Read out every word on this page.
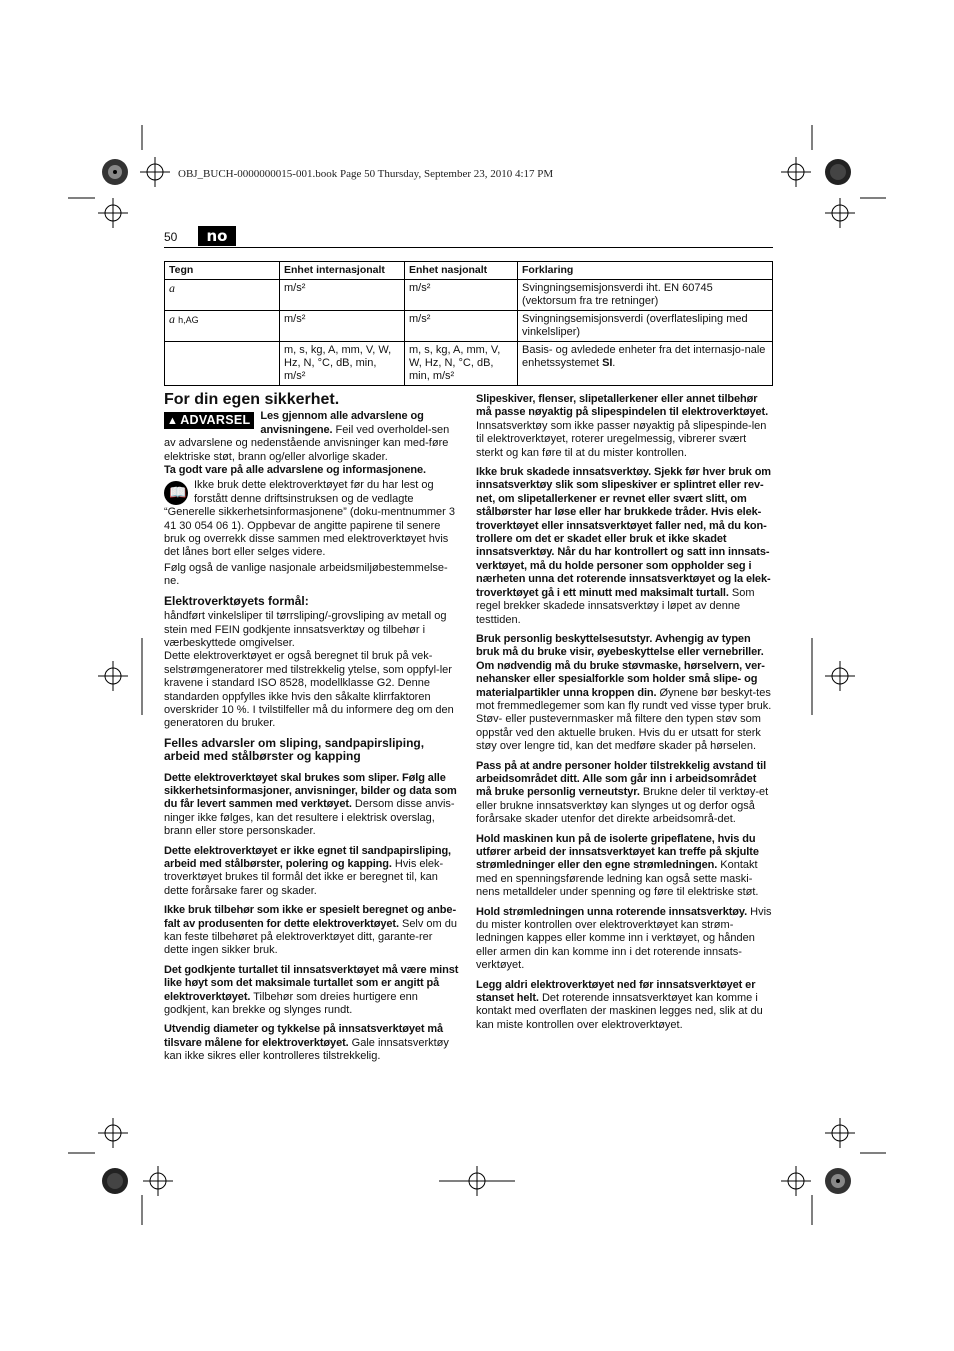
OBJ_BUCH-0000000015-001.book Page 50 Thursday, September 23, 2010 4:17 PM
50	no
Tegn	Enhet internasjonalt	Enhet nasjonalt	Forklaring
a	m/s²	m/s²	Svingningsemisjonsverdi iht. EN 60745 (vektorsum fra tre retninger)
a h,AG	m/s²	m/s²	Svingningsemisjonsverdi (overflatesliping med vinkelsliper)
	m, s, kg, A, mm, V, W, Hz, N, °C, dB, min, m/s²	m, s, kg, A, mm, V, W, Hz, N, °C, dB, min, m/s²	Basis- og avledede enheter fra det internasjo-nale enhetssystemet SI.
For din egen sikkerhet.

▲ ADVARSEL Les gjennom alle advarslene og anvisningene. Feil ved overholdel-sen av advarslene og nedenstående anvisninger kan med-føre elektriske støt, brann og/eller alvorlige skader.
Ta godt vare på alle advarslene og informasjonene.

📖 Ikke bruk dette elektroverktøyet før du har lest og forstått denne driftsinstruksen og de vedlagte “Generelle sikkerhetsinformasjonene” (doku-mentnummer 3 41 30 054 06 1). Oppbevar de angitte papirene til senere bruk og overrekk disse sammen med elektroverktøyet hvis det lånes bort eller selges videre.

Følg også de vanlige nasjonale arbeidsmiljøbestemmelse-ne.

Elektroverktøyets formål:

håndført vinkelsliper til tørrsliping/-grovsliping av metall og stein med FEIN godkjente innsatsverktøy og tilbehør i værbeskyttede omgivelser.

Dette elektroverktøyet er også beregnet til bruk på vek-selstrømgeneratorer med tilstrekkelig ytelse, som oppfyl-ler kravene i standard ISO 8528, modellklasse G2. Denne standarden oppfylles ikke hvis den såkalte klirrfaktoren overskrider 10 %. I tvilstilfeller må du informere deg om den generatoren du bruker.

Felles advarsler om sliping, sandpapirsliping, arbeid med stålbørster og kapping

Dette elektroverktøyet skal brukes som sliper. Følg alle sikkerhetsinformasjoner, anvisninger, bilder og data som du får levert sammen med verktøyet. Dersom disse anvis-ninger ikke følges, kan det resultere i elektrisk overslag, brann eller store personskader.

Dette elektroverktøyet er ikke egnet til sandpapirsliping, arbeid med stålbørster, polering og kapping. Hvis elek-troverktøyet brukes til formål det ikke er beregnet til, kan dette forårsake farer og skader.

Ikke bruk tilbehør som ikke er spesielt beregnet og anbe-falt av produsenten for dette elektroverktøyet. Selv om du kan feste tilbehøret på elektroverktøyet ditt, garante-rer dette ingen sikker bruk.

Det godkjente turtallet til innsatsverktøyet må være minst like høyt som det maksimale turtallet som er angitt på elektroverktøyet. Tilbehør som dreies hurtigere enn godkjent, kan brekke og slynges rundt.

Utvendig diameter og tykkelse på innsatsverktøyet må tilsvare målene for elektroverktøyet. Gale innsatsverktøy kan ikke sikres eller kontrolleres tilstrekkelig.

Slipeskiver, flenser, slipetallerkener eller annet tilbehør må passe nøyaktig på slipespindelen til elektroverktøyet. Innsatsverktøy som ikke passer nøyaktig på slipespinde-len til elektroverktøyet, roterer uregelmessig, vibrerer svært sterkt og kan føre til at du mister kontrollen.

Ikke bruk skadede innsatsverktøy. Sjekk før hver bruk om innsatsverktøy slik som slipeskiver er splintret eller rev-net, om slipetallerkener er revnet eller svært slitt, om stålbørster har løse eller har brukkede tråder. Hvis elek-troverktøyet eller innsatsverktøyet faller ned, må du kon-trollere om det er skadet eller bruk et ikke skadet innsatsverktøy. Når du har kontrollert og satt inn innsats-verktøyet, må du holde personer som oppholder seg i nærheten unna det roterende innsatsverktøyet og la elek-troverktøyet gå i ett minutt med maksimalt turtall. Som regel brekker skadede innsatsverktøy i løpet av denne testtiden.

Bruk personlig beskyttelsesutstyr. Avhengig av typen bruk må du bruke visir, øyebeskyttelse eller vernebriller. Om nødvendig må du bruke støvmaske, hørselvern, ver-nehansker eller spesialforkle som holder små slipe- og materialpartikler unna kroppen din. Øynene bør beskyt-tes mot fremmedlegemer som kan fly rundt ved visse typer bruk. Støv- eller pustevernmasker må filtere den typen støv som oppstår ved den aktuelle bruken. Hvis du er utsatt for sterk støy over lengre tid, kan det medføre skader på hørselen.

Pass på at andre personer holder tilstrekkelig avstand til arbeidsområdet ditt. Alle som går inn i arbeidsområdet må bruke personlig verneutstyr. Brukne deler til verktøy-et eller brukne innsatsverktøy kan slynges ut og derfor også forårsake skader utenfor det direkte arbeidsområ-det.

Hold maskinen kun på de isolerte gripeflatene, hvis du utfører arbeid der innsatsverktøyet kan treffe på skjulte strømledninger eller den egne strømledningen. Kontakt med en spenningsførende ledning kan også sette maski-nens metalldeler under spenning og føre til elektriske støt.

Hold strømledningen unna roterende innsatsverktøy. Hvis du mister kontrollen over elektroverktøyet kan strøm-ledningen kappes eller komme inn i verktøyet, og hånden eller armen din kan komme inn i det roterende innsats-verktøyet.

Legg aldri elektroverktøyet ned før innsatsverktøyet er stanset helt. Det roterende innsatsverktøyet kan komme i kontakt med overflaten der maskinen legges ned, slik at du kan miste kontrollen over elektroverktøyet.
